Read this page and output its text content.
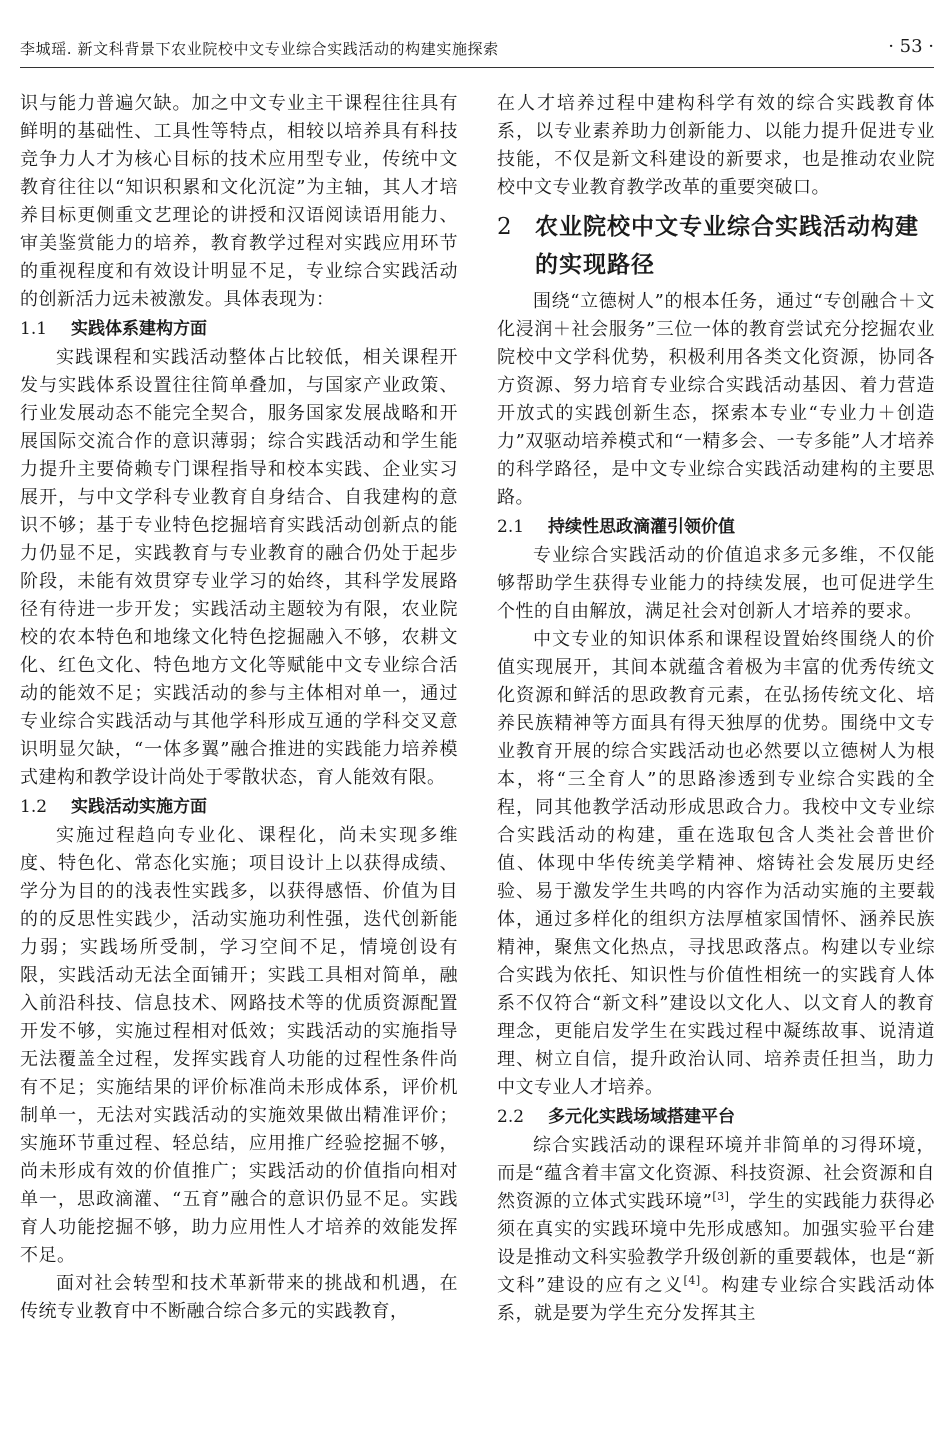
李城瑶. 新文科背景下农业院校中文专业综合实践活动的构建实施探索	· 53 ·

识与能力普遍欠缺。加之中文专业主干课程往往具有鲜明的基础性、工具性等特点，相较以培养具有科技竞争力人才为核心目标的技术应用型专业，传统中文教育往往以“知识积累和文化沉淀”为主轴，其人才培养目标更侧重文艺理论的讲授和汉语阅读语用能力、审美鉴赏能力的培养，教育教学过程对实践应用环节的重视程度和有效设计明显不足，专业综合实践活动的创新活力远未被激发。具体表现为：

1.1 实践体系建构方面

实践课程和实践活动整体占比较低，相关课程开发与实践体系设置往往简单叠加，与国家产业政策、行业发展动态不能完全契合，服务国家发展战略和开展国际交流合作的意识薄弱；综合实践活动和学生能力提升主要倚赖专门课程指导和校本实践、企业实习展开，与中文学科专业教育自身结合、自我建构的意识不够；基于专业特色挖掘培育实践活动创新点的能力仍显不足，实践教育与专业教育的融合仍处于起步阶段，未能有效贯穿专业学习的始终，其科学发展路径有待进一步开发；实践活动主题较为有限，农业院校的农本特色和地缘文化特色挖掘融入不够，农耕文化、红色文化、特色地方文化等赋能中文专业综合活动的能效不足；实践活动的参与主体相对单一，通过专业综合实践活动与其他学科形成互通的学科交叉意识明显欠缺，“一体多翼”融合推进的实践能力培养模式建构和教学设计尚处于零散状态，育人能效有限。

1.2 实践活动实施方面

实施过程趋向专业化、课程化，尚未实现多维度、特色化、常态化实施；项目设计上以获得成绩、学分为目的的浅表性实践多，以获得感悟、价值为目的的反思性实践少，活动实施功利性强，迭代创新能力弱；实践场所受制，学习空间不足，情境创设有限，实践活动无法全面铺开；实践工具相对简单，融入前沿科技、信息技术、网路技术等的优质资源配置开发不够，实施过程相对低效；实践活动的实施指导无法覆盖全过程，发挥实践育人功能的过程性条件尚有不足；实施结果的评价标准尚未形成体系，评价机制单一，无法对实践活动的实施效果做出精准评价；实施环节重过程、轻总结，应用推广经验挖掘不够，尚未形成有效的价值推广；实践活动的价值指向相对单一，思政滴灌、“五育”融合的意识仍显不足。实践育人功能挖掘不够，助力应用性人才培养的效能发挥不足。

面对社会转型和技术革新带来的挑战和机遇，在传统专业教育中不断融合综合多元的实践教育，

在人才培养过程中建构科学有效的综合实践教育体系，以专业素养助力创新能力、以能力提升促进专业技能，不仅是新文科建设的新要求，也是推动农业院校中文专业教育教学改革的重要突破口。

2 农业院校中文专业综合实践活动构建的实现路径

围绕“立德树人”的根本任务，通过“专创融合＋文化浸润＋社会服务”三位一体的教育尝试充分挖掘农业院校中文学科优势，积极利用各类文化资源，协同各方资源、努力培育专业综合实践活动基因、着力营造开放式的实践创新生态，探索本专业“专业力＋创造力”双驱动培养模式和“一精多会、一专多能”人才培养的科学路径，是中文专业综合实践活动建构的主要思路。

2.1 持续性思政滴灌引领价值

专业综合实践活动的价值追求多元多维，不仅能够帮助学生获得专业能力的持续发展，也可促进学生个性的自由解放，满足社会对创新人才培养的要求。

中文专业的知识体系和课程设置始终围绕人的价值实现展开，其间本就蕴含着极为丰富的优秀传统文化资源和鲜活的思政教育元素，在弘扬传统文化、培养民族精神等方面具有得天独厚的优势。围绕中文专业教育开展的综合实践活动也必然要以立德树人为根本，将“三全育人”的思路渗透到专业综合实践的全程，同其他教学活动形成思政合力。我校中文专业综合实践活动的构建，重在选取包含人类社会普世价值、体现中华传统美学精神、熔铸社会发展历史经验、易于激发学生共鸣的内容作为活动实施的主要载体，通过多样化的组织方法厚植家国情怀、涵养民族精神，聚焦文化热点，寻找思政落点。构建以专业综合实践为依托、知识性与价值性相统一的实践育人体系不仅符合“新文科”建设以文化人、以文育人的教育理念，更能启发学生在实践过程中凝练故事、说清道理、树立自信，提升政治认同、培养责任担当，助力中文专业人才培养。

2.2 多元化实践场域搭建平台

综合实践活动的课程环境并非简单的习得环境，而是“蕴含着丰富文化资源、科技资源、社会资源和自然资源的立体式实践环境”[3]，学生的实践能力获得必须在真实的实践环境中先形成感知。加强实验平台建设是推动文科实验教学升级创新的重要载体，也是“新文科”建设的应有之义[4]。构建专业综合实践活动体系，就是要为学生充分发挥其主
